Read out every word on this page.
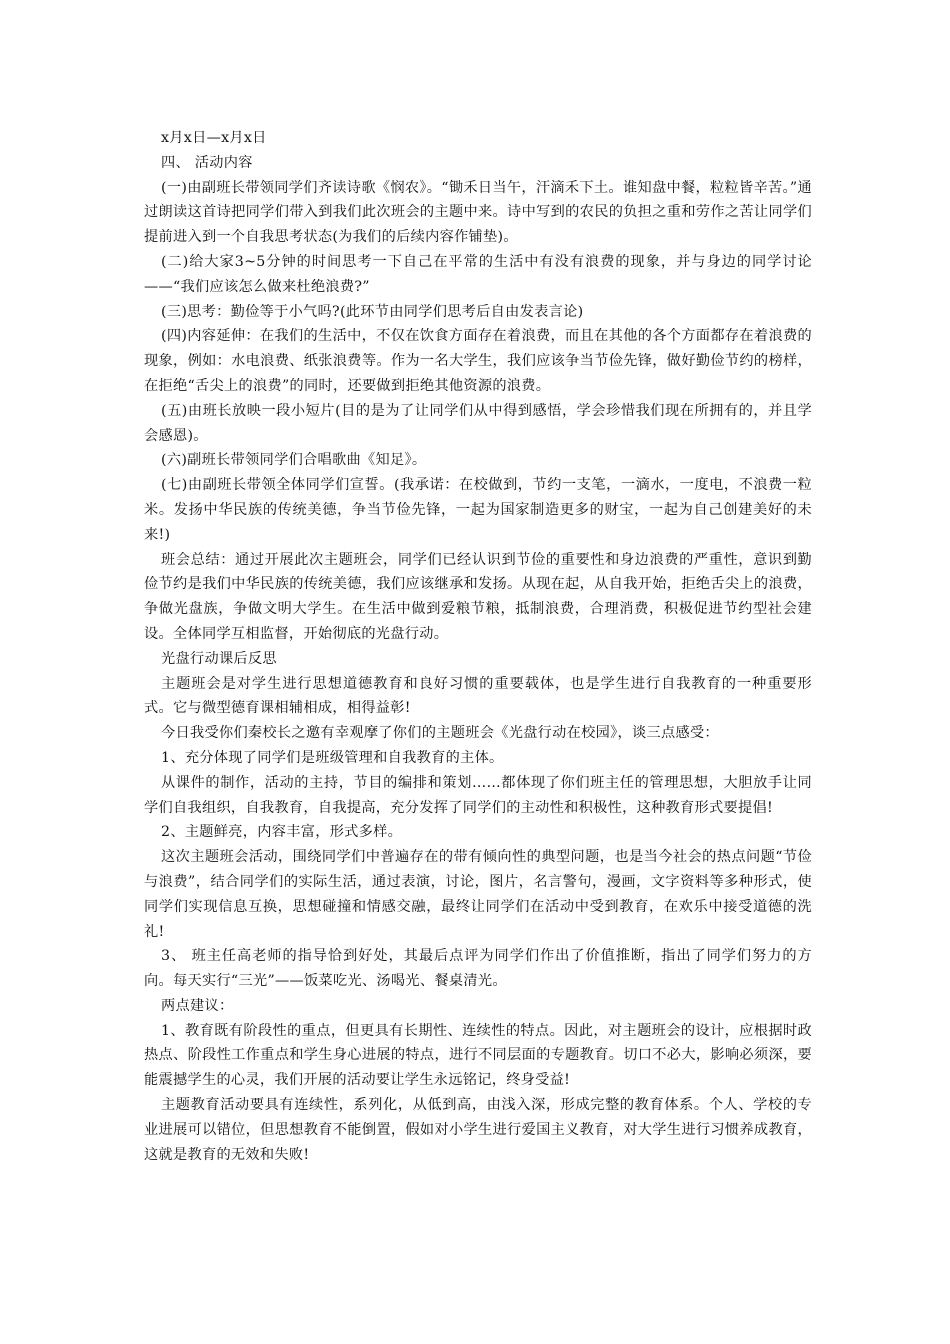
x月x日—x月x日

四、 活动内容

(一)由副班长带领同学们齐读诗歌《悯农》。“锄禾日当午，汗滴禾下土。谁知盘中餐，粒粒皆辛苦。”通过朗读这首诗把同学们带入到我们此次班会的主题中来。诗中写到的农民的负担之重和劳作之苦让同学们提前进入到一个自我思考状态(为我们的后续内容作铺垫)。

(二)给大家3~5分钟的时间思考一下自己在平常的生活中有没有浪费的现象，并与身边的同学讨论——“我们应该怎么做来杜绝浪费?”

(三)思考：勤俭等于小气吗?(此环节由同学们思考后自由发表言论)

(四)内容延伸：在我们的生活中，不仅在饮食方面存在着浪费，而且在其他的各个方面都存在着浪费的现象，例如：水电浪费、纸张浪费等。作为一名大学生，我们应该争当节俭先锋，做好勤俭节约的榜样，在拒绝“舌尖上的浪费”的同时，还要做到拒绝其他资源的浪费。

(五)由班长放映一段小短片(目的是为了让同学们从中得到感悟，学会珍惜我们现在所拥有的，并且学会感恩)。

(六)副班长带领同学们合唱歌曲《知足》。

(七)由副班长带领全体同学们宣誓。(我承诺：在校做到，节约一支笔，一滴水，一度电，不浪费一粒米。发扬中华民族的传统美德，争当节俭先锋，一起为国家制造更多的财宝，一起为自己创建美好的未来!)

班会总结：通过开展此次主题班会，同学们已经认识到节俭的重要性和身边浪费的严重性，意识到勤俭节约是我们中华民族的传统美德，我们应该继承和发扬。从现在起，从自我开始，拒绝舌尖上的浪费，争做光盘族，争做文明大学生。在生活中做到爱粮节粮，抵制浪费，合理消费，积极促进节约型社会建设。全体同学互相监督，开始彻底的光盘行动。

光盘行动课后反思

主题班会是对学生进行思想道德教育和良好习惯的重要载体，也是学生进行自我教育的一种重要形式。它与微型德育课相辅相成，相得益彰!

今日我受你们秦校长之邀有幸观摩了你们的主题班会《光盘行动在校园》，谈三点感受：

1、充分体现了同学们是班级管理和自我教育的主体。

从课件的制作，活动的主持，节目的编排和策划……都体现了你们班主任的管理思想，大胆放手让同学们自我组织，自我教育，自我提高，充分发挥了同学们的主动性和积极性，这种教育形式要提倡!

2、主题鲜亮，内容丰富，形式多样。

这次主题班会活动，围绕同学们中普遍存在的带有倾向性的典型问题，也是当今社会的热点问题“节俭与浪费”，结合同学们的实际生活，通过表演，讨论，图片，名言警句，漫画，文字资料等多种形式，使同学们实现信息互换，思想碰撞和情感交融，最终让同学们在活动中受到教育，在欢乐中接受道德的洗礼!

3、 班主任高老师的指导恰到好处，其最后点评为同学们作出了价值推断，指出了同学们努力的方向。每天实行“三光”——饭菜吃光、汤喝光、餐桌清光。

两点建议：

1、教育既有阶段性的重点，但更具有长期性、连续性的特点。因此，对主题班会的设计，应根据时政热点、阶段性工作重点和学生身心进展的特点，进行不同层面的专题教育。切口不必大，影响必须深，要能震撼学生的心灵，我们开展的活动要让学生永远铭记，终身受益!

主题教育活动要具有连续性，系列化，从低到高，由浅入深，形成完整的教育体系。个人、学校的专业进展可以错位，但思想教育不能倒置，假如对小学生进行爱国主义教育，对大学生进行习惯养成教育，这就是教育的无效和失败!
